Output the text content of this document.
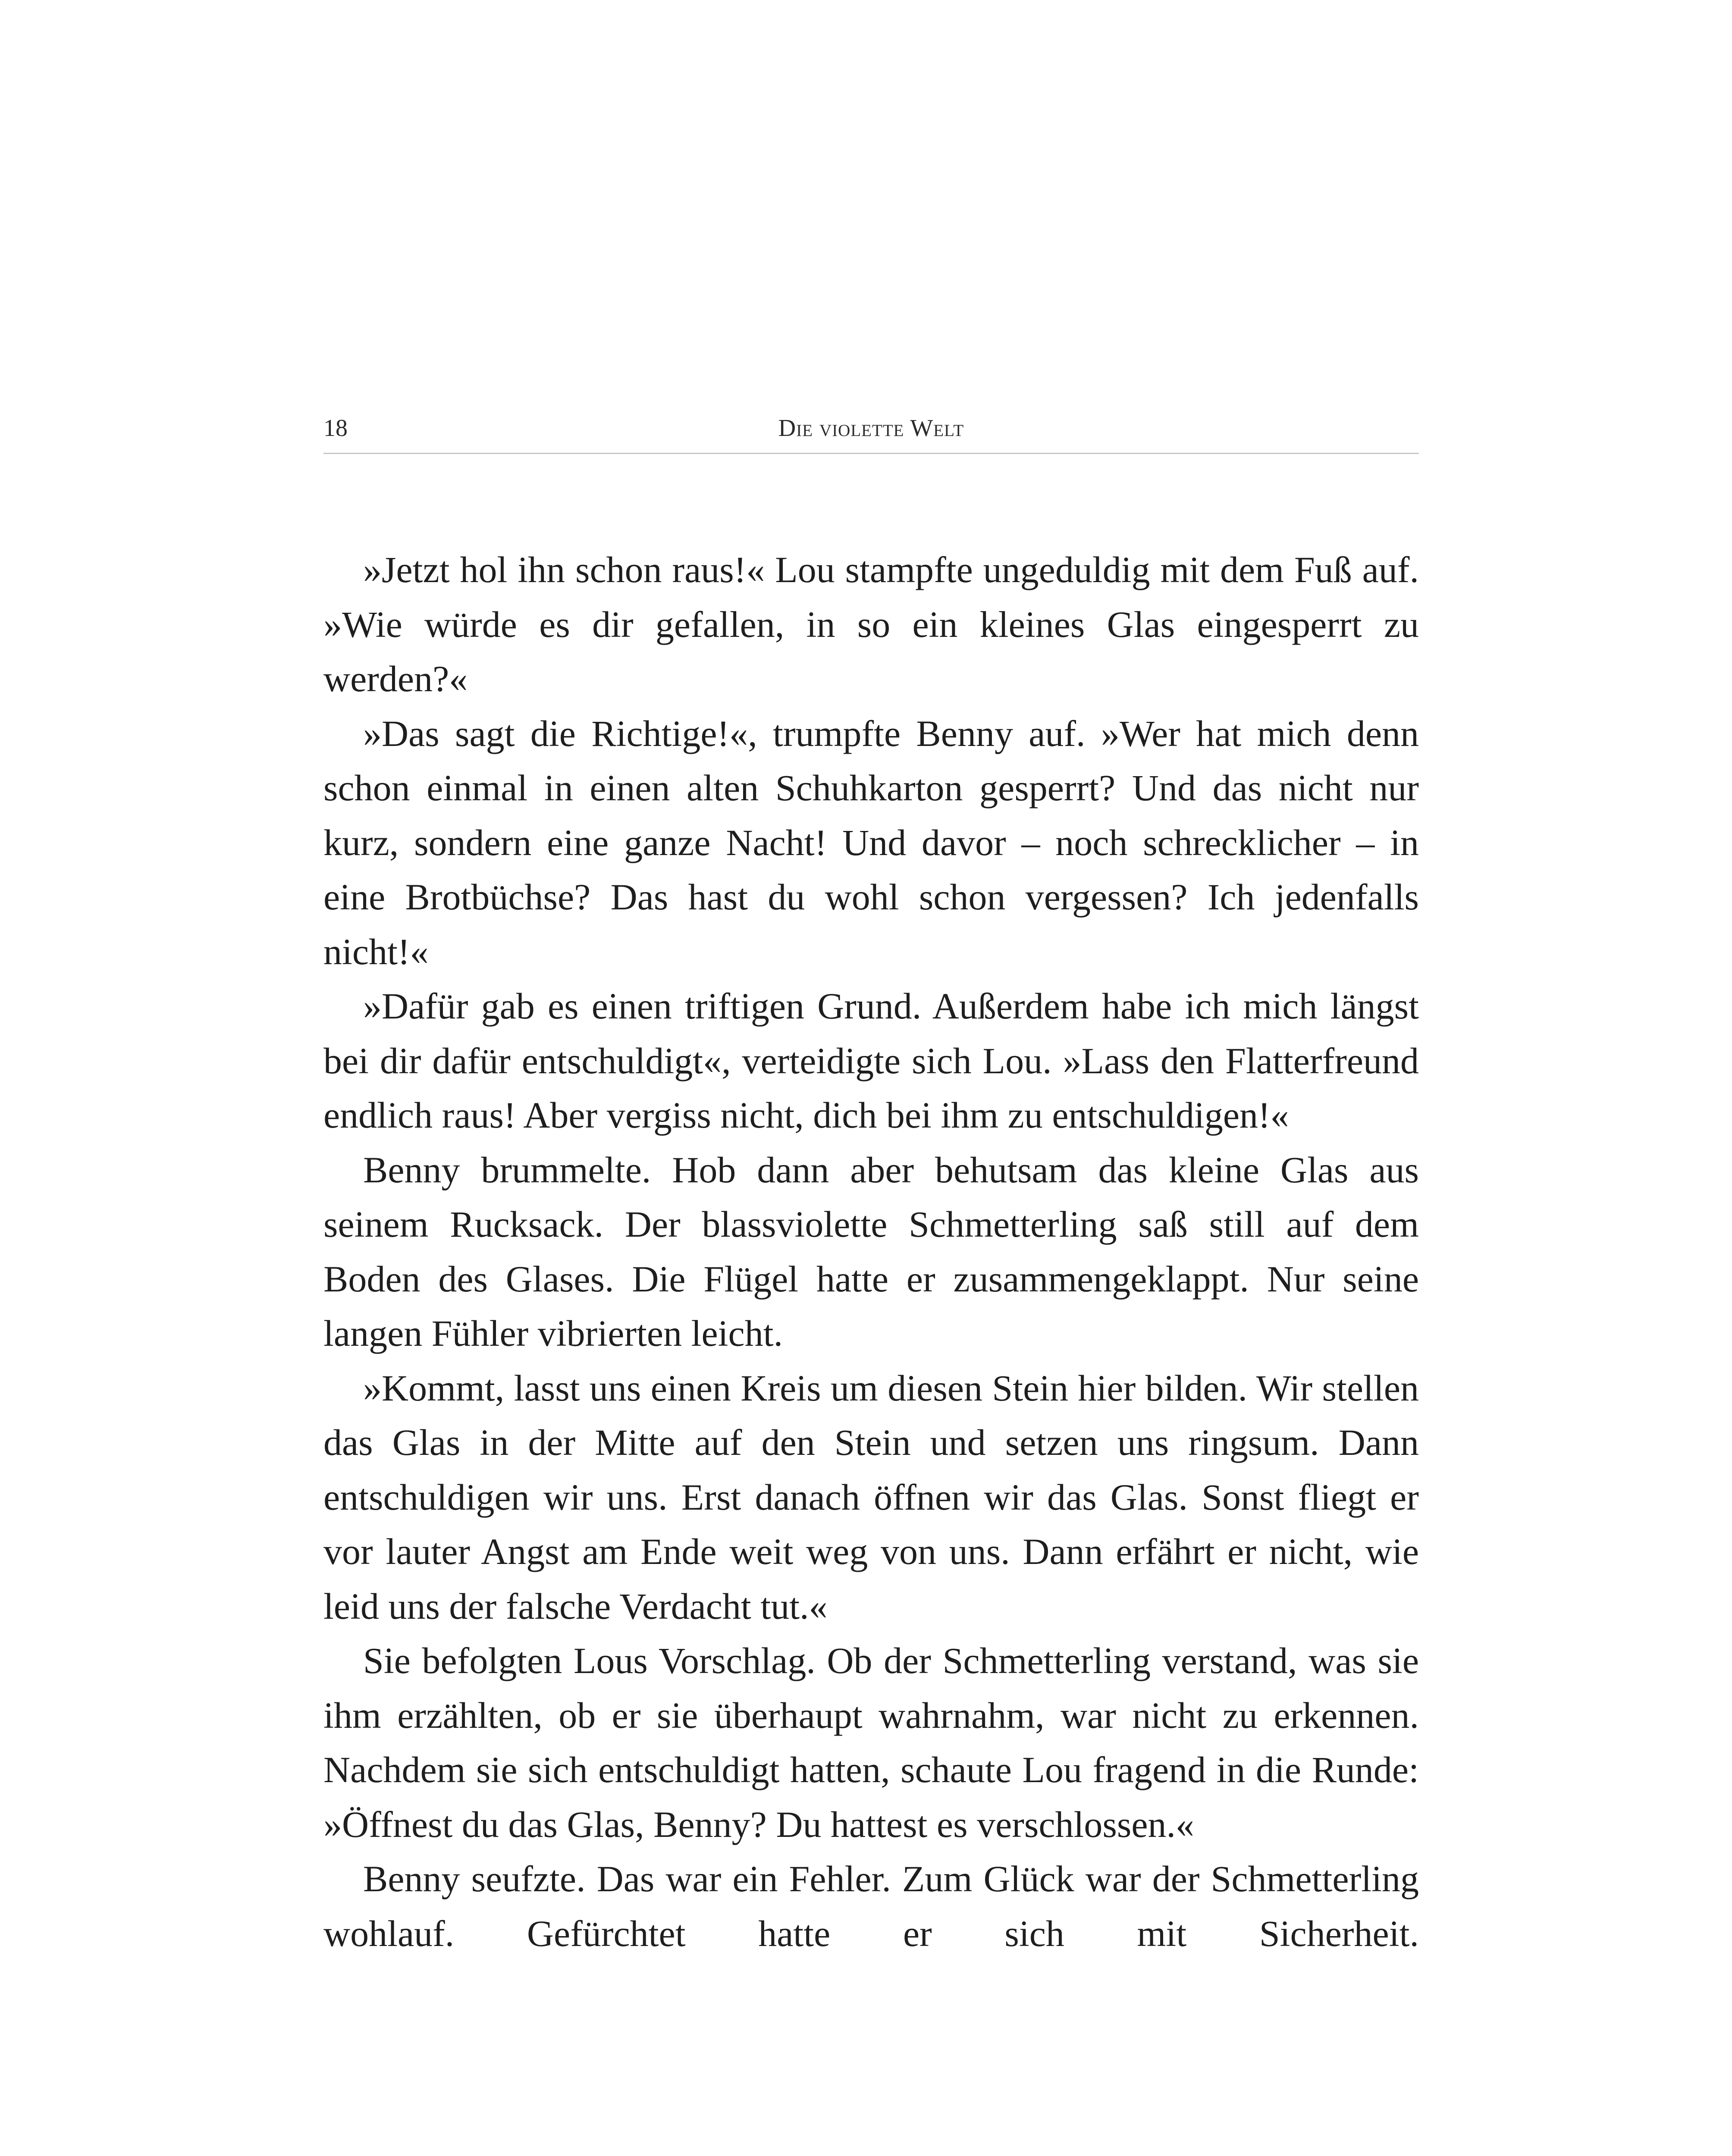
18	Die violette Welt

»Jetzt hol ihn schon raus!« Lou stampfte ungeduldig mit dem Fuß auf. »Wie würde es dir gefallen, in so ein kleines Glas eingesperrt zu werden?«

»Das sagt die Richtige!«, trumpfte Benny auf. »Wer hat mich denn schon einmal in einen alten Schuhkarton gesperrt? Und das nicht nur kurz, sondern eine ganze Nacht! Und davor – noch schrecklicher – in eine Brotbüchse? Das hast du wohl schon vergessen? Ich jedenfalls nicht!«

»Dafür gab es einen triftigen Grund. Außerdem habe ich mich längst bei dir dafür entschuldigt«, verteidigte sich Lou. »Lass den Flatterfreund endlich raus! Aber vergiss nicht, dich bei ihm zu entschuldigen!«

Benny brummelte. Hob dann aber behutsam das kleine Glas aus seinem Rucksack. Der blassviolette Schmetterling saß still auf dem Boden des Glases. Die Flügel hatte er zusammengeklappt. Nur seine langen Fühler vibrierten leicht.

»Kommt, lasst uns einen Kreis um diesen Stein hier bilden. Wir stellen das Glas in der Mitte auf den Stein und setzen uns ringsum. Dann entschuldigen wir uns. Erst danach öffnen wir das Glas. Sonst fliegt er vor lauter Angst am Ende weit weg von uns. Dann erfährt er nicht, wie leid uns der falsche Verdacht tut.«

Sie befolgten Lous Vorschlag. Ob der Schmetterling verstand, was sie ihm erzählten, ob er sie überhaupt wahrnahm, war nicht zu erkennen. Nachdem sie sich entschuldigt hatten, schaute Lou fragend in die Runde: »Öffnest du das Glas, Benny? Du hattest es verschlossen.«

Benny seufzte. Das war ein Fehler. Zum Glück war der Schmetterling wohlauf. Gefürchtet hatte er sich mit Sicherheit.
